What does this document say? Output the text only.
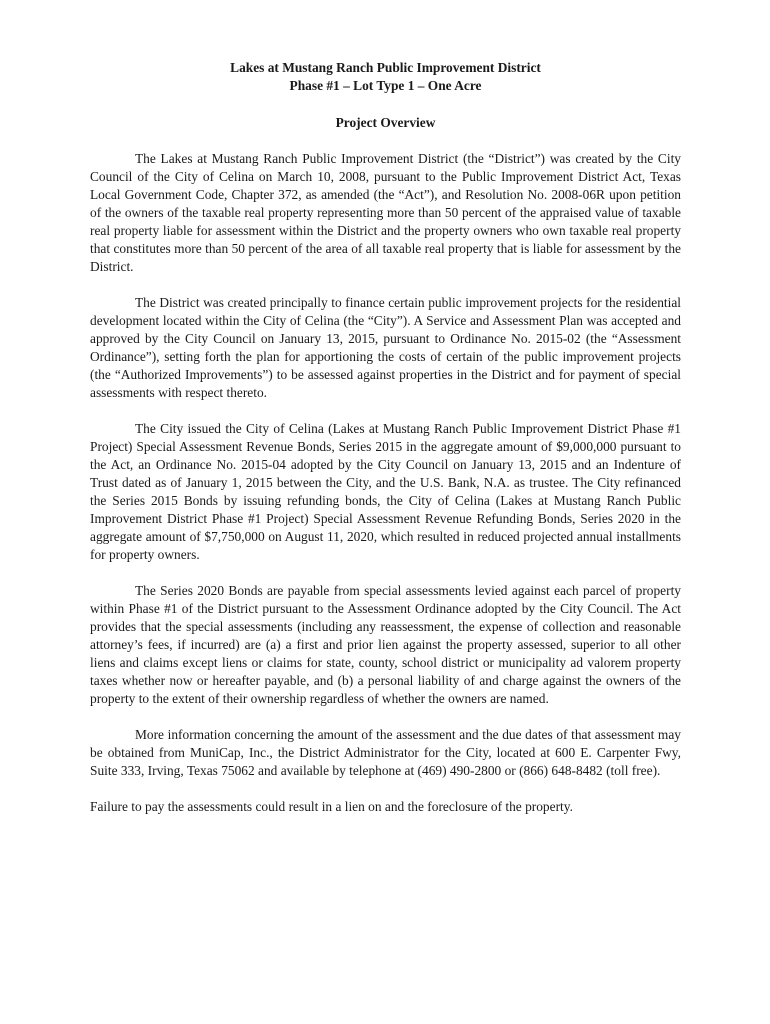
Lakes at Mustang Ranch Public Improvement District

Phase #1 – Lot Type 1 – One Acre

Project Overview

The Lakes at Mustang Ranch Public Improvement District (the “District”) was created by the City Council of the City of Celina on March 10, 2008, pursuant to the Public Improvement District Act, Texas Local Government Code, Chapter 372, as amended (the “Act”), and Resolution No. 2008-06R upon petition of the owners of the taxable real property representing more than 50 percent of the appraised value of taxable real property liable for assessment within the District and the property owners who own taxable real property that constitutes more than 50 percent of the area of all taxable real property that is liable for assessment by the District.

The District was created principally to finance certain public improvement projects for the residential development located within the City of Celina (the “City”). A Service and Assessment Plan was accepted and approved by the City Council on January 13, 2015, pursuant to Ordinance No. 2015-02 (the “Assessment Ordinance”), setting forth the plan for apportioning the costs of certain of the public improvement projects (the “Authorized Improvements”) to be assessed against properties in the District and for payment of special assessments with respect thereto.

The City issued the City of Celina (Lakes at Mustang Ranch Public Improvement District Phase #1 Project) Special Assessment Revenue Bonds, Series 2015 in the aggregate amount of $9,000,000 pursuant to the Act, an Ordinance No. 2015-04 adopted by the City Council on January 13, 2015 and an Indenture of Trust dated as of January 1, 2015 between the City, and the U.S. Bank, N.A. as trustee. The City refinanced the Series 2015 Bonds by issuing refunding bonds, the City of Celina (Lakes at Mustang Ranch Public Improvement District Phase #1 Project) Special Assessment Revenue Refunding Bonds, Series 2020 in the aggregate amount of $7,750,000 on August 11, 2020, which resulted in reduced projected annual installments for property owners.

The Series 2020 Bonds are payable from special assessments levied against each parcel of property within Phase #1 of the District pursuant to the Assessment Ordinance adopted by the City Council. The Act provides that the special assessments (including any reassessment, the expense of collection and reasonable attorney’s fees, if incurred) are (a) a first and prior lien against the property assessed, superior to all other liens and claims except liens or claims for state, county, school district or municipality ad valorem property taxes whether now or hereafter payable, and (b) a personal liability of and charge against the owners of the property to the extent of their ownership regardless of whether the owners are named.

More information concerning the amount of the assessment and the due dates of that assessment may be obtained from MuniCap, Inc., the District Administrator for the City, located at 600 E. Carpenter Fwy, Suite 333, Irving, Texas 75062 and available by telephone at (469) 490-2800 or (866) 648-8482 (toll free).

Failure to pay the assessments could result in a lien on and the foreclosure of the property.
